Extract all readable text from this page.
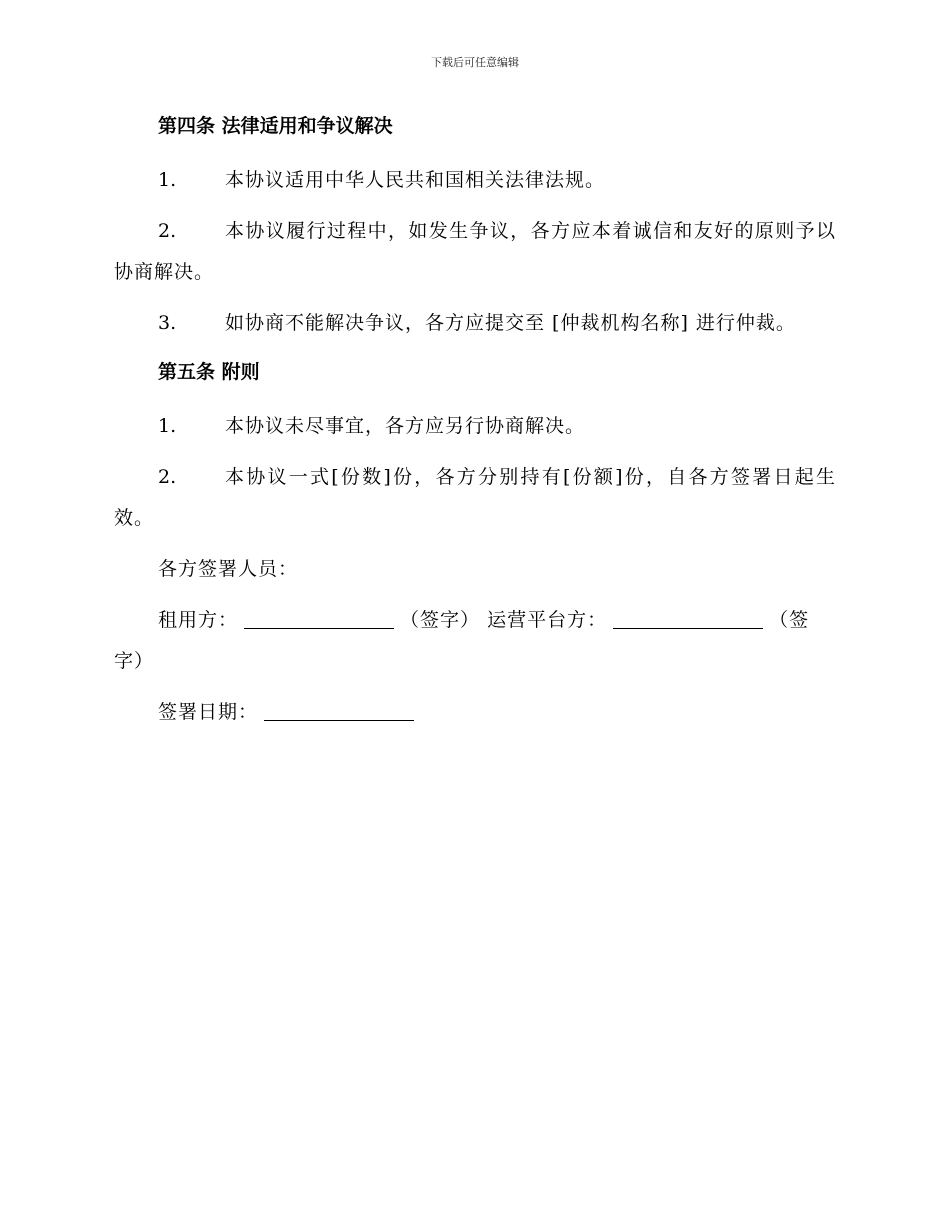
下载后可任意编辑
第四条 法律适用和争议解决
1.	本协议适用中华人民共和国相关法律法规。
2.	本协议履行过程中，如发生争议，各方应本着诚信和友好的原则予以协商解决。
3.	如协商不能解决争议，各方应提交至 [仲裁机构名称] 进行仲裁。
第五条 附则
1.	本协议未尽事宜，各方应另行协商解决。
2.	本协议一式[份数]份，各方分别持有[份额]份，自各方签署日起生效。
各方签署人员：
租用方：	（签字） 运营平台方：	（签字）
签署日期：
